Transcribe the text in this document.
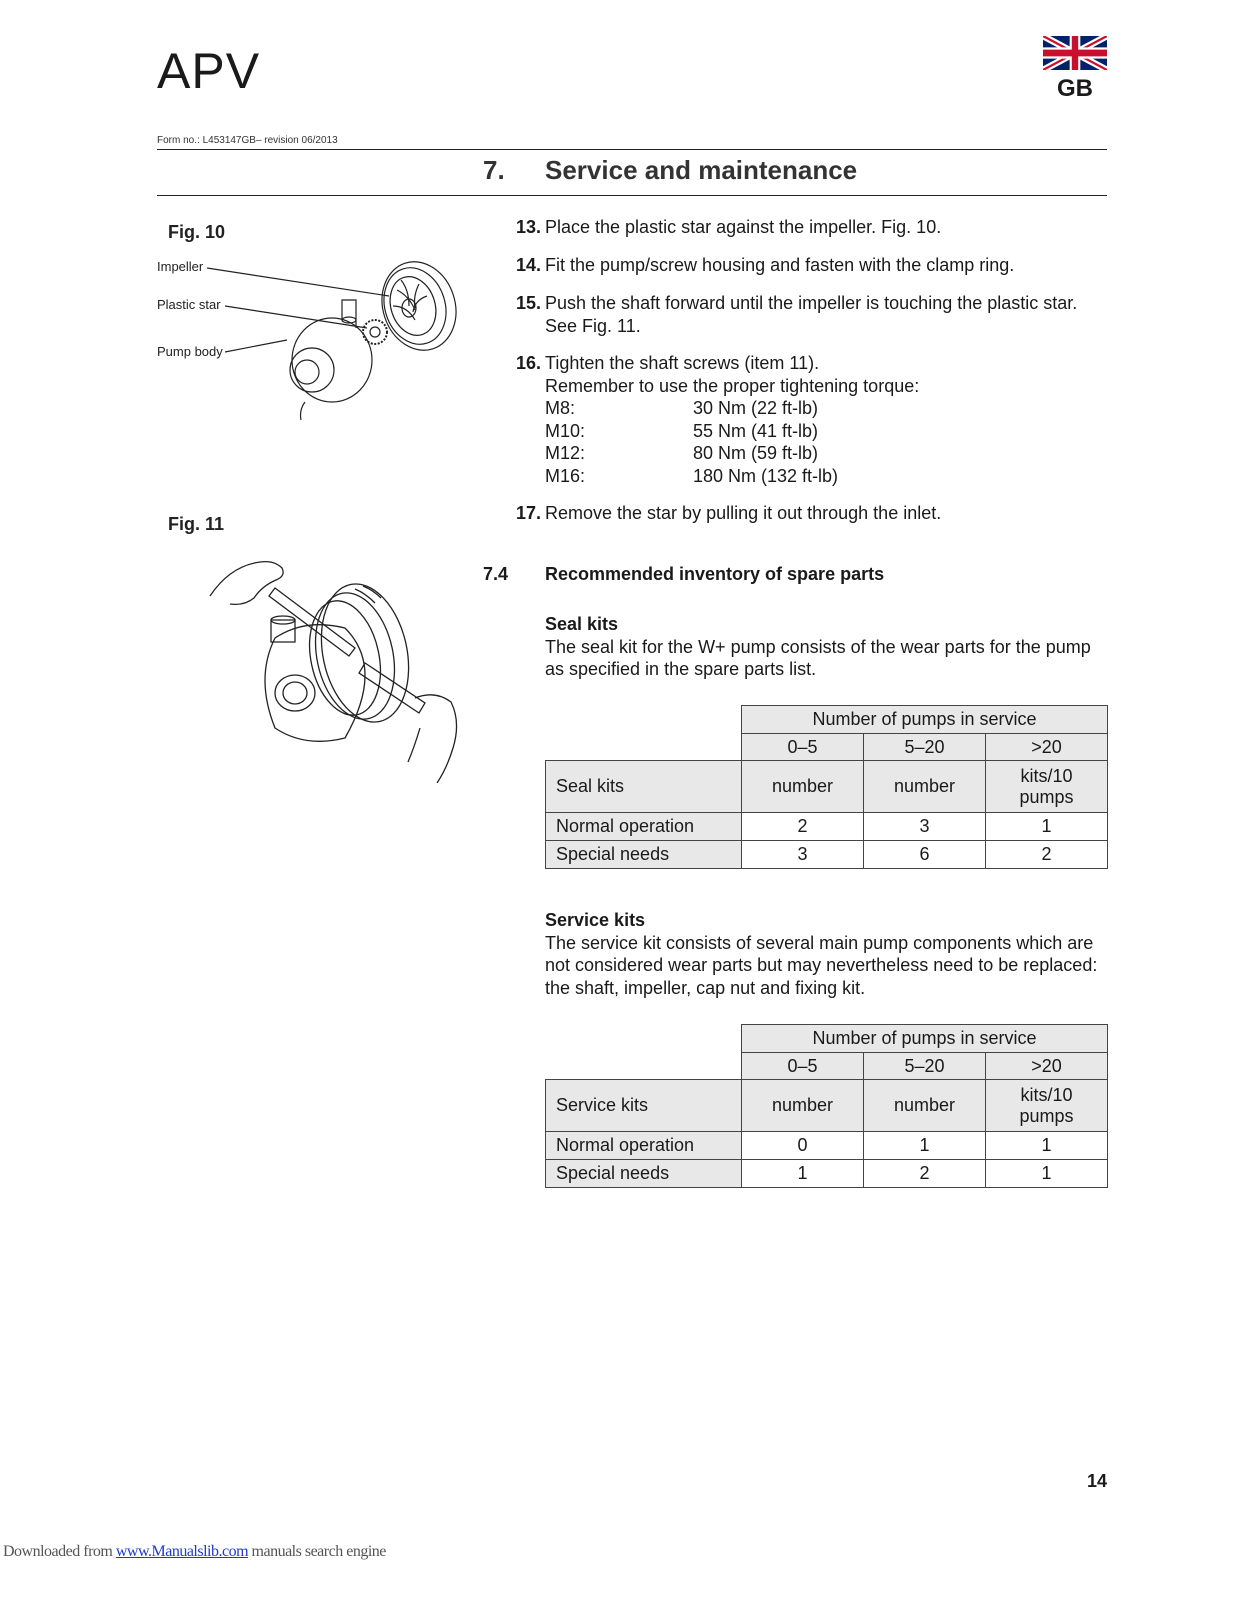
APV	GB
Form no.: L453147GB– revision 06/2013
7. Service and maintenance
Fig. 10
Impeller
Plastic star
Pump body
Fig. 11
13. Place the plastic star against the impeller. Fig. 10.
14. Fit the pump/screw housing and fasten with the clamp ring.
15. Push the shaft forward until the impeller is touching the plastic star.
See Fig. 11.
16. Tighten the shaft screws (item 11).
Remember to use the proper tightening torque:
M8:	30 Nm (22 ft-lb)
M10:	55 Nm (41 ft-lb)
M12:	80 Nm (59 ft-lb)
M16:	180 Nm (132 ft-lb)
17. Remove the star by pulling it out through the inlet.
7.4 Recommended inventory of spare parts
Seal kits
The seal kit for the W+ pump consists of the wear parts for the pump as specified in the spare parts list.
	Number of pumps in service		
	0–5	5–20	>20
Seal kits	number	number	kits/10 pumps
Normal operation	2	3	1
Special needs	3	6	2
Service kits
The service kit consists of several main pump components which are not considered wear parts but may nevertheless need to be replaced: the shaft, impeller, cap nut and fixing kit.
	Number of pumps in service		
	0–5	5–20	>20
Service kits	number	number	kits/10 pumps
Normal operation	0	1	1
Special needs	1	2	1
14
Downloaded from www.Manualslib.com manuals search engine
